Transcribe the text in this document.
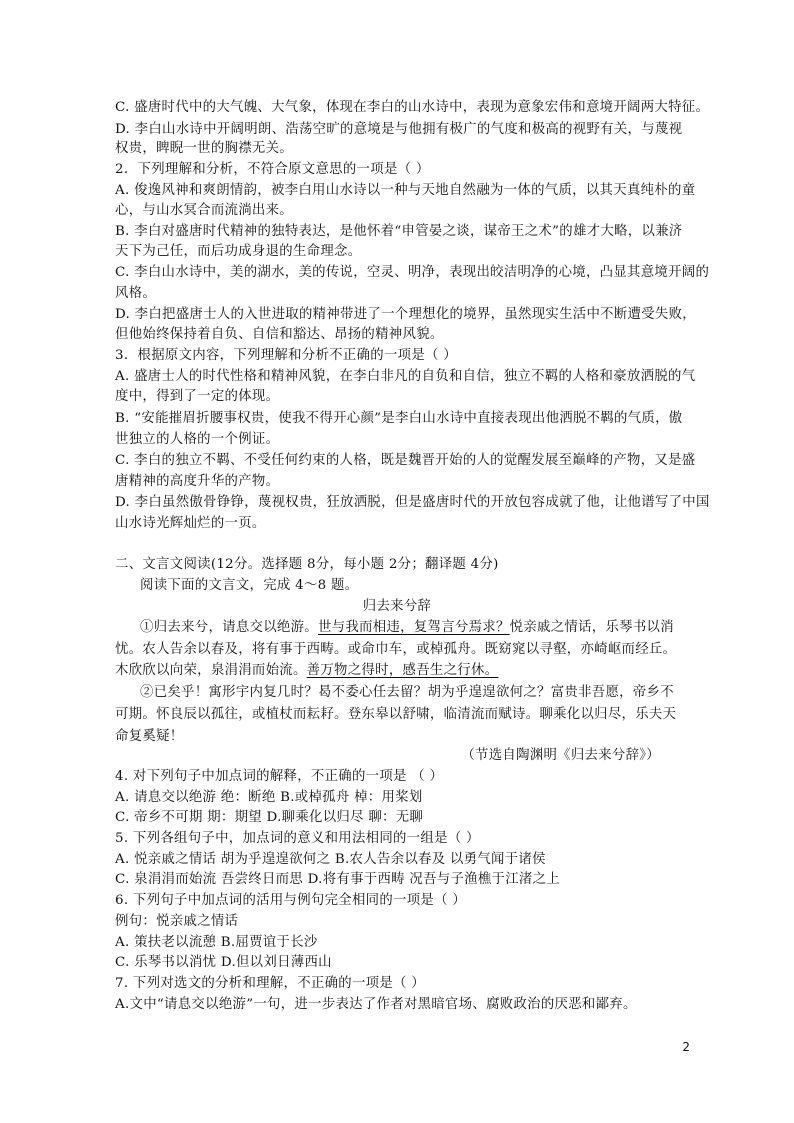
C. 盛唐时代中的大气魄、大气象，体现在李白的山水诗中，表现为意象宏伟和意境开阔两大特征。
D. 李白山水诗中开阔明朗、浩荡空旷的意境是与他拥有极广的气度和极高的视野有关，与蔑视
权贵，睥睨一世的胸襟无关。
2．下列理解和分析，不符合原文意思的一项是（ ）
A. 俊逸风神和爽朗情韵，被李白用山水诗以一种与天地自然融为一体的气质，以其天真纯朴的童
心，与山水冥合而流淌出来。
B. 李白对盛唐时代精神的独特表达，是他怀着“申管晏之谈，谋帝王之术”的雄才大略，以兼济
天下为己任，而后功成身退的生命理念。
C. 李白山水诗中，美的湖水，美的传说，空灵、明净，表现出皎洁明净的心境，凸显其意境开阔的
风格。
D. 李白把盛唐士人的入世进取的精神带进了一个理想化的境界，虽然现实生活中不断遭受失败，
但他始终保持着自负、自信和豁达、昂扬的精神风貌。
3．根据原文内容，下列理解和分析不正确的一项是（ ）
A. 盛唐士人的时代性格和精神风貌，在李白非凡的自负和自信，独立不羁的人格和豪放洒脱的气
度中，得到了一定的体现。
B. “安能摧眉折腰事权贵，使我不得开心颜”是李白山水诗中直接表现出他洒脱不羁的气质，傲
世独立的人格的一个例证。
C. 李白的独立不羁、不受任何约束的人格，既是魏晋开始的人的觉醒发展至巅峰的产物，又是盛
唐精神的高度升华的产物。
D. 李白虽然傲骨铮铮，蔑视权贵，狂放洒脱，但是盛唐时代的开放包容成就了他，让他谱写了中国
山水诗光辉灿烂的一页。
二、文言文阅读(12分。选择题 8分，每小题 2分；翻译题 4分)
阅读下面的文言文，完成 4～8 题。
归去来兮辞
①归去来兮，请息交以绝游。世与我而相违，复驾言兮焉求？悦亲戚之情话，乐琴书以消
忧。农人告余以春及，将有事于西畴。或命巾车，或棹孤舟。既窈窕以寻壑，亦崎岖而经丘。
木欣欣以向荣，泉涓涓而始流。善万物之得时，感吾生之行休。
②已矣乎！寓形宇内复几时？曷不委心任去留？胡为乎遑遑欲何之？富贵非吾愿，帝乡不
可期。怀良辰以孤往，或植杖而耘耔。登东皋以舒啸，临清流而赋诗。聊乘化以归尽，乐夫天
命复奚疑！
（节选自陶渊明《归去来兮辞》）
4. 对下列句子中加点词的解释，不正确的一项是 （ ）
A. 请息交以绝游 绝：断绝 B.或棹孤舟 棹：用桨划
C. 帝乡不可期 期：期望 D.聊乘化以归尽 聊：无聊
5. 下列各组句子中，加点词的意义和用法相同的一组是（ ）
A. 悦亲戚之情话 胡为乎遑遑欲何之 B.农人告余以春及 以勇气闻于诸侯
C. 泉涓涓而始流 吾尝终日而思 D.将有事于西畴 况吾与子渔樵于江渚之上
6. 下列句子中加点词的活用与例句完全相同的一项是（ ）
例句：悦亲戚之情话
A. 策扶老以流憩 B.屈贾谊于长沙
C. 乐琴书以消忧 D.但以刘日薄西山
7. 下列对选文的分析和理解，不正确的一项是（ ）
A.文中“请息交以绝游”一句，进一步表达了作者对黑暗官场、腐败政治的厌恶和鄙弃。
2
